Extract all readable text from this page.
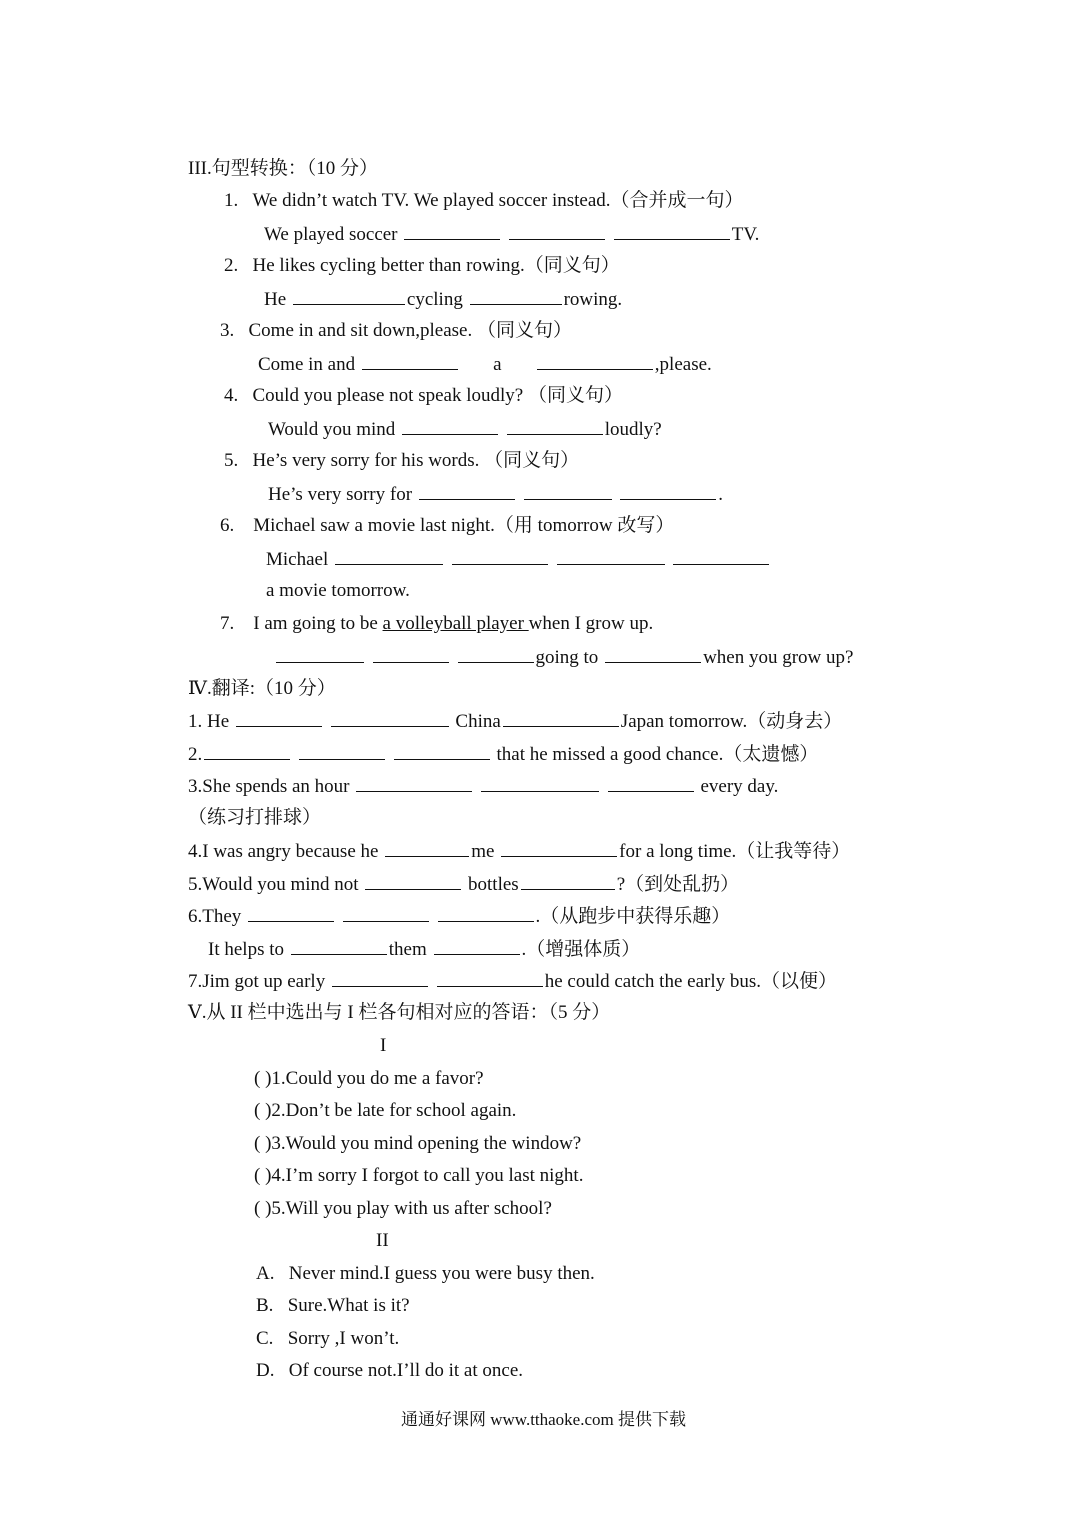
III.句型转换：（10 分）
1. We didn’t watch TV. We played soccer instead.（合并成一句）
We played soccer	TV.
2. He likes cycling better than rowing.（同义句）
He	cycling	rowing.
3. Come in and sit down,please. （同义句）
Come in and	a	,please.
4. Could you please not speak loudly? （同义句）
Would you mind	loudly?
5. He’s very sorry for his words. （同义句）
He’s very sorry for	.
6. Michael saw a movie last night.（用 tomorrow 改写）
Michael
a movie tomorrow.
7. I am going to be a volleyball player when I grow up.
going to	when you grow up?
Ⅳ.翻译:（10 分）
1. He	China	Japan tomorrow.（动身去）
2.	that he missed a good chance.（太遗憾）
3.She spends an hour	every day.
（练习打排球）
4.I was angry because he	me	for a long time.（让我等待）
5.Would you mind not	bottles	?（到处乱扔）
6.They	.（从跑步中获得乐趣）
It helps to	them	.（增强体质）
7.Jim got up early	he could catch the early bus.（以便）
Ⅴ.从 II 栏中选出与 I 栏各句相对应的答语：（5 分）
I
( )1.Could you do me a favor?
( )2.Don’t be late for school again.
( )3.Would you mind opening the window?
( )4.I’m sorry I forgot to call you last night.
( )5.Will you play with us after school?
II
A. Never mind.I guess you were busy then.
B. Sure.What is it?
C. Sorry ,I won’t.
D. Of course not.I’ll do it at once.
通通好课网 www.tthaoke.com 提供下载
